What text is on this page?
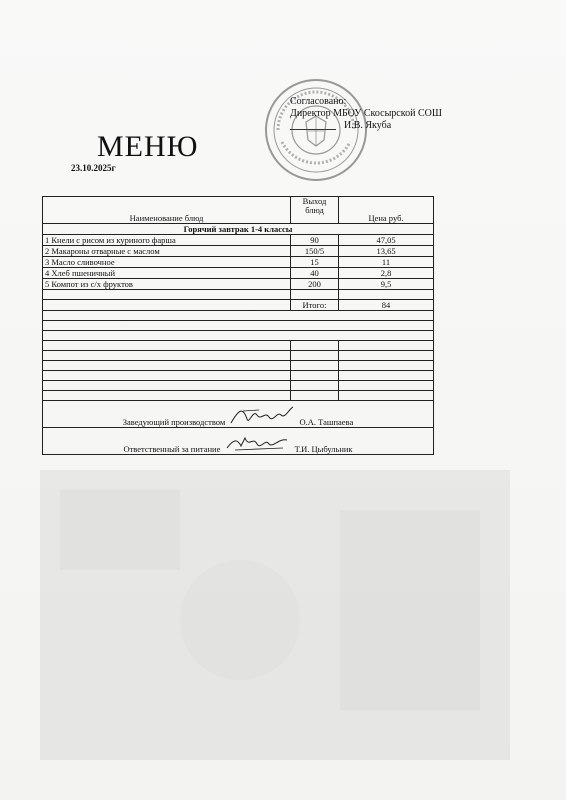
Согласовано:
Директор МБОУ Скосырской СОШ
И.В. Якуба
МЕНЮ
23.10.2025г
Наименование блюд	Выход блюд	Цена руб.
Горячий завтрак 1-4 классы		
1 Кнели с рисом из куриного фарша	90	47,05
2 Макароны отварные с маслом	150/5	13,65
3 Масло сливочное	15	11
4 Хлеб пшеничный	40	2,8
5 Компот из с/х фруктов	200	9,5

	Итого:	84

Заведующий производством О.А. Ташпаева		
Ответственный за питание Т.И. Цыбульник		
